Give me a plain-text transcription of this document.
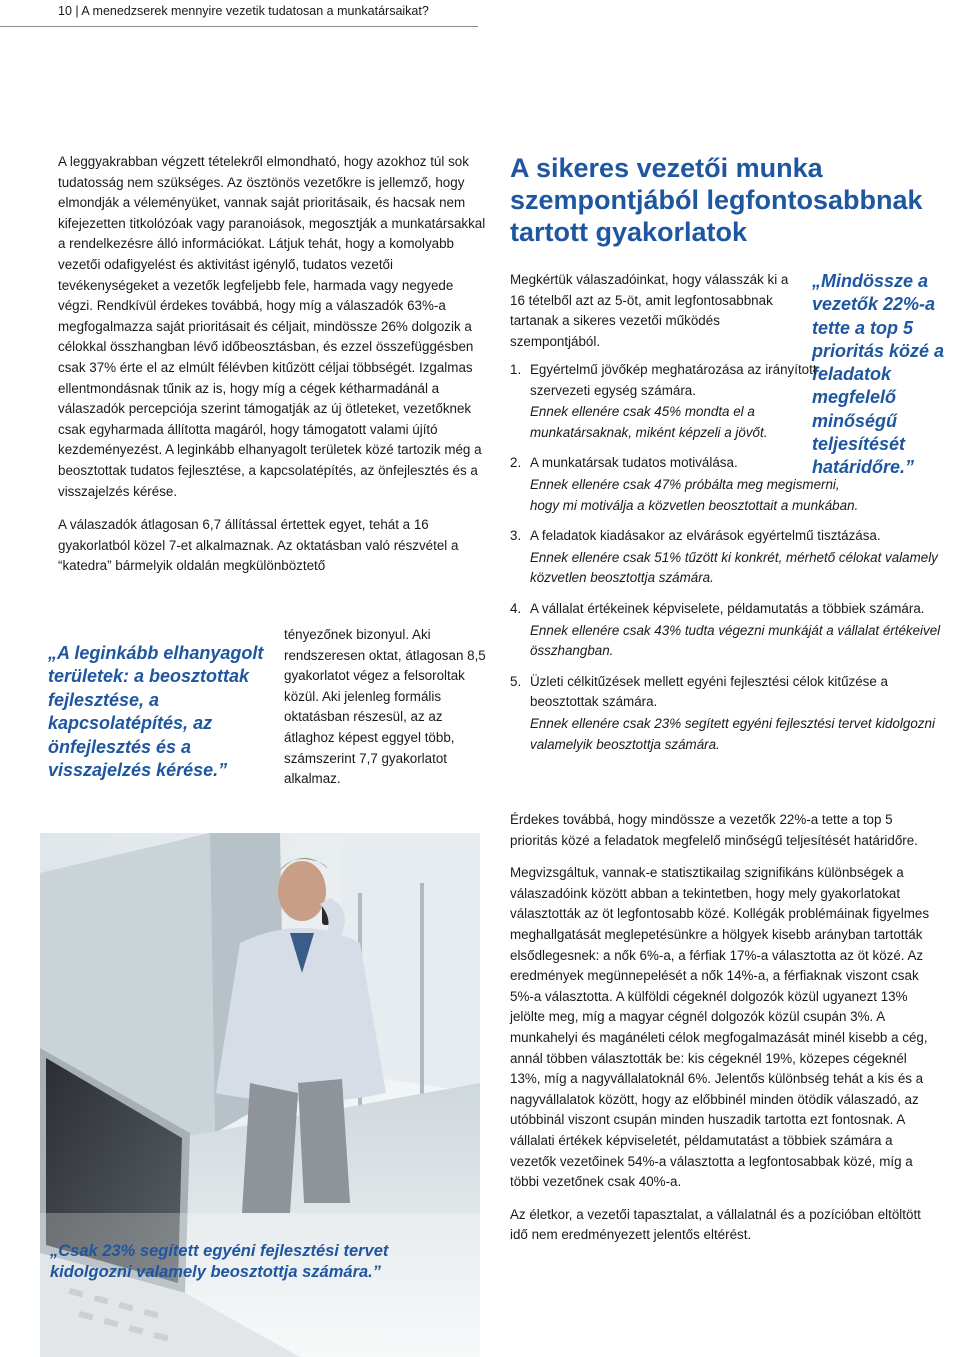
10 | A menedzserek mennyire vezetik tudatosan a munkatársaikat?

A leggyakrabban végzett tételekről elmondható, hogy azokhoz túl sok tudatosság nem szükséges. Az ösztönös vezetőkre is jellemző, hogy elmondják a véleményüket, vannak saját prioritásaik, és hacsak nem kifejezetten titkolózóak vagy paranoiások, megosztják a munkatársakkal a rendelkezésre álló információkat. Látjuk tehát, hogy a komolyabb vezetői odafigyelést és aktivitást igénylő, tudatos vezetői tevékenységeket a vezetők legfeljebb fele, harmada vagy negyede végzi. Rendkívül érdekes továbbá, hogy míg a válaszadók 63%-a megfogalmazza saját prioritásait és céljait, mindössze 26% dolgozik a célokkal összhangban lévő időbeosztásban, és ezzel összefüggésben csak 37% érte el az elmúlt félévben kitűzött céljai többségét. Izgalmas ellentmondásnak tűnik az is, hogy míg a cégek kétharmadánál a válaszadók percepciója szerint támogatják az új ötleteket, vezetőknek csak egyharmada állította magáról, hogy támogatott valami újító kezdeményezést. A leginkább elhanyagolt területek közé tartozik még a beosztottak tudatos fejlesztése, a kapcsolatépítés, az önfejlesztés és a visszajelzés kérése.

A válaszadók átlagosan 6,7 állítással értettek egyet, tehát a 16 gyakorlatból közel 7-et alkalmaznak. Az oktatásban való részvétel a “katedra” bármelyik oldalán megkülönböztető

tényezőnek bizonyul. Aki rendszeresen oktat, átlagosan 8,5 gyakorlatot végez a felsoroltak közül. Aki jelenleg formális oktatásban részesül, az az átlaghoz képest eggyel több, számszerint 7,7 gyakorlatot alkalmaz.

„A leginkább elhanyagolt területek: a beosztottak fejlesztése, a kapcsolatépítés, az önfejlesztés és a visszajelzés kérése.”
„Csak 23% segített egyéni fejlesztési tervet kidolgozni valamely beosztottja számára.”
A sikeres vezetői munka szempontjából legfontosabbnak tartott gyakorlatok

Megkértük válaszadóinkat, hogy válasszák ki a 16 tételből azt az 5-öt, amit legfontosabbnak tartanak a sikeres vezetői működés szempontjából.

„Mindössze a vezetők 22%-a tette a top 5 prioritás közé a feladatok megfelelő minőségű teljesítését határidőre.”
1. Egyértelmű jövőkép meghatározása az irányított szervezeti egység számára.
Ennek ellenére csak 45% mondta el a munkatársaknak, miként képzeli a jövőt.
2. A munkatársak tudatos motiválása.
Ennek ellenére csak 47% próbálta meg megismerni, hogy mi motiválja a közvetlen beosztottait a munkában.
3. A feladatok kiadásakor az elvárások egyértelmű tisztázása.
Ennek ellenére csak 51% tűzött ki konkrét, mérhető célokat valamely közvetlen beosztottja számára.
4. A vállalat értékeinek képviselete, példamutatás a többiek számára.
Ennek ellenére csak 43% tudta végezni munkáját a vállalat értékeivel összhangban.
5. Üzleti célkitűzések mellett egyéni fejlesztési célok kitűzése a beosztottak számára.
Ennek ellenére csak 23% segített egyéni fejlesztési tervet kidolgozni valamelyik beosztottja számára.

Érdekes továbbá, hogy mindössze a vezetők 22%-a tette a top 5 prioritás közé a feladatok megfelelő minőségű teljesítését határidőre.

Megvizsgáltuk, vannak-e statisztikailag szignifikáns különbségek a válaszadóink között abban a tekintetben, hogy mely gyakorlatokat választották az öt legfontosabb közé. Kollégák problémáinak figyelmes meghallgatását meglepetésünkre a hölgyek kisebb arányban tartották elsődlegesnek: a nők 6%-a, a férfiak 17%-a választotta az öt közé. Az eredmények megünnepelését a nők 14%-a, a férfiaknak viszont csak 5%-a választotta. A külföldi cégeknél dolgozók közül ugyanezt 13% jelölte meg, míg a magyar cégnél dolgozók közül csupán 3%. A munkahelyi és magánéleti célok megfogalmazását minél kisebb a cég, annál többen választották be: kis cégeknél 19%, közepes cégeknél 13%, míg a nagyvállalatoknál 6%. Jelentős különbség tehát a kis és a nagyvállalatok között, hogy az előbbinél minden ötödik válaszadó, az utóbbinál viszont csupán minden huszadik tartotta ezt fontosnak. A vállalati értékek képviseletét, példamutatást a többiek számára a vezetők vezetőinek 54%-a választotta a legfontosabbak közé, míg a többi vezetőnek csak 40%-a.

Az életkor, a vezetői tapasztalat, a vállalatnál és a pozícióban eltöltött idő nem eredményezett jelentős eltérést.
